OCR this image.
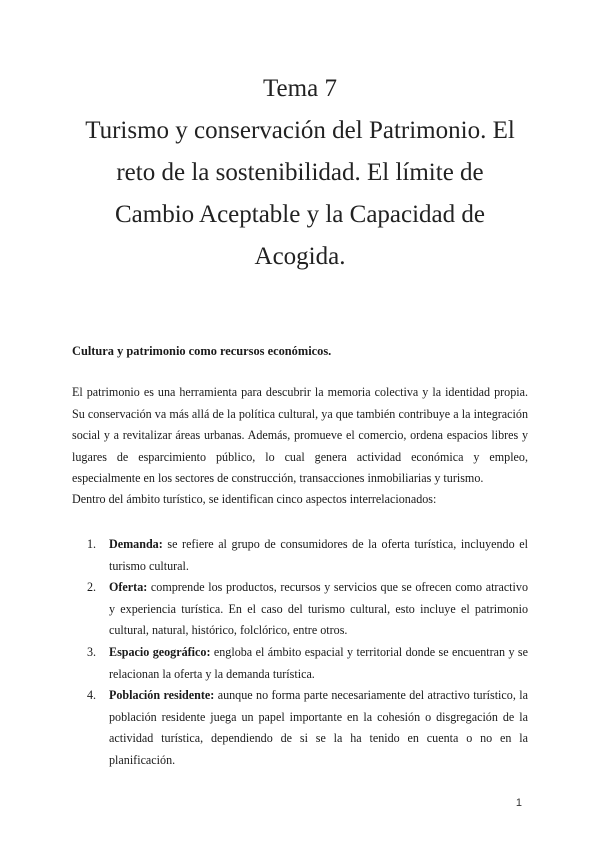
Tema 7
Turismo y conservación del Patrimonio. El
reto de la sostenibilidad. El límite de
Cambio Aceptable y la Capacidad de
Acogida.
Cultura y patrimonio como recursos económicos.
El patrimonio es una herramienta para descubrir la memoria colectiva y la identidad propia.
Su conservación va más allá de la política cultural, ya que también contribuye a la integración
social y a revitalizar áreas urbanas. Además, promueve el comercio, ordena espacios libres y
lugares de esparcimiento público, lo cual genera actividad económica y empleo,
especialmente en los sectores de construcción, transacciones inmobiliarias y turismo.
Dentro del ámbito turístico, se identifican cinco aspectos interrelacionados:
1. Demanda: se refiere al grupo de consumidores de la oferta turística, incluyendo el turismo cultural.
2. Oferta: comprende los productos, recursos y servicios que se ofrecen como atractivo y experiencia turística. En el caso del turismo cultural, esto incluye el patrimonio cultural, natural, histórico, folclórico, entre otros.
3. Espacio geográfico: engloba el ámbito espacial y territorial donde se encuentran y se relacionan la oferta y la demanda turística.
4. Población residente: aunque no forma parte necesariamente del atractivo turístico, la población residente juega un papel importante en la cohesión o disgregación de la actividad turística, dependiendo de si se la ha tenido en cuenta o no en la planificación.
1
